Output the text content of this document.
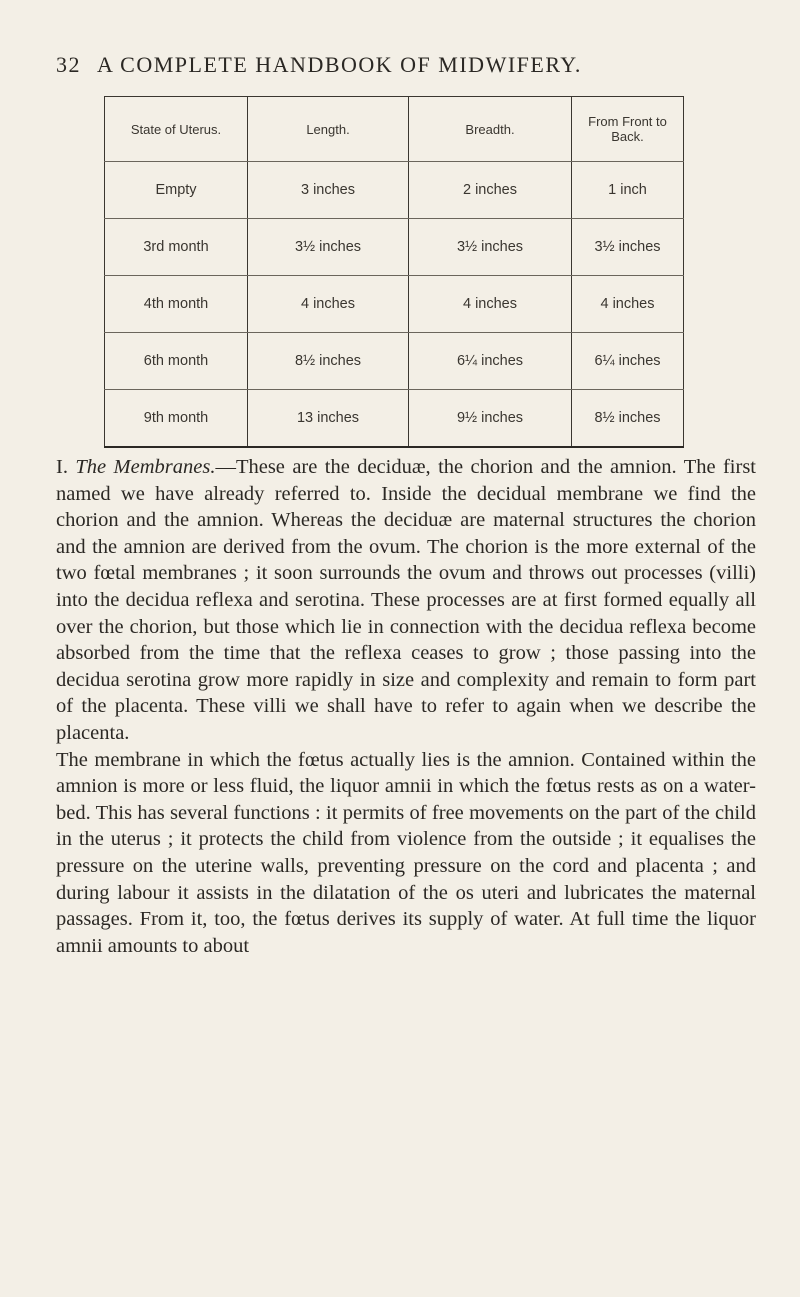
32 A COMPLETE HANDBOOK OF MIDWIFERY.
State of Uterus.	Length.	Breadth.	From Front to Back.
Empty	3 inches	2 inches	1 inch
3rd month	3½ inches	3½ inches	3½ inches
4th month	4 inches	4 inches	4 inches
6th month	8½ inches	6¼ inches	6¼ inches
9th month	13 inches	9½ inches	8½ inches

I. The Membranes.—These are the deciduæ, the chorion and the amnion. The first named we have already referred to. Inside the decidual membrane we find the chorion and the amnion. Whereas the deciduæ are maternal structures the chorion and the amnion are derived from the ovum. The chorion is the more external of the two fœtal membranes ; it soon surrounds the ovum and throws out processes (villi) into the decidua reflexa and serotina. These processes are at first formed equally all over the chorion, but those which lie in connection with the decidua reflexa become absorbed from the time that the reflexa ceases to grow ; those passing into the decidua serotina grow more rapidly in size and complexity and remain to form part of the placenta. These villi we shall have to refer to again when we describe the placenta.

The membrane in which the fœtus actually lies is the amnion. Contained within the amnion is more or less fluid, the liquor amnii in which the fœtus rests as on a water-bed. This has several functions : it permits of free movements on the part of the child in the uterus ; it protects the child from violence from the outside ; it equalises the pressure on the uterine walls, preventing pressure on the cord and placenta ; and during labour it assists in the dilatation of the os uteri and lubricates the maternal passages. From it, too, the fœtus derives its supply of water. At full time the liquor amnii amounts to about
